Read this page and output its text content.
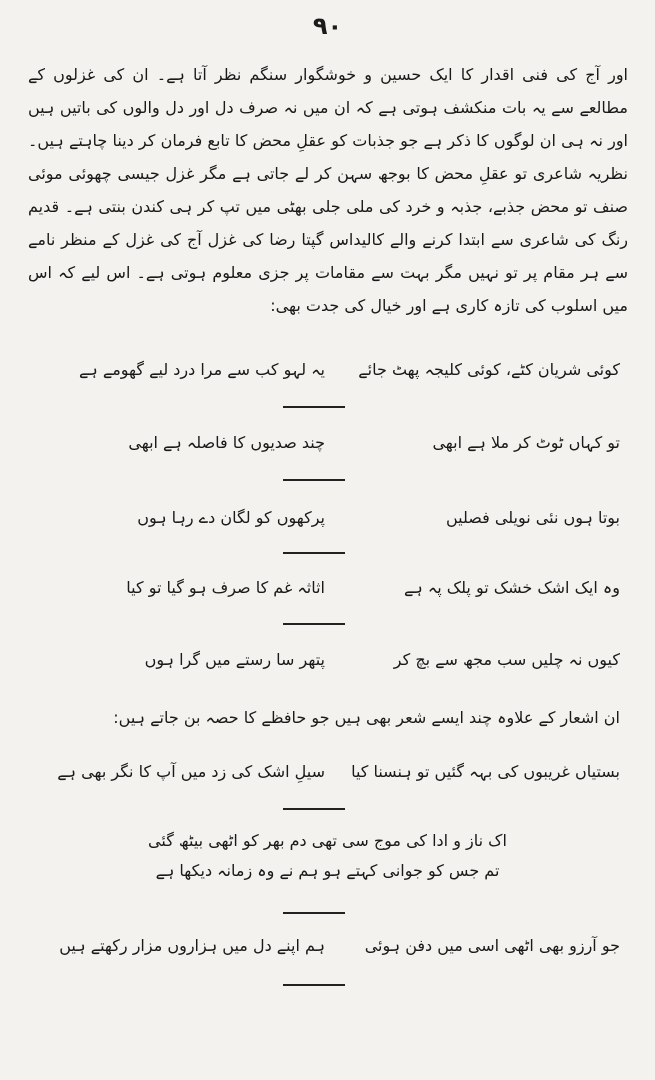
۹۰

اور آج کی فنی اقدار کا ایک حسین و خوشگوار سنگم نظر آتا ہے۔ ان کی غزلوں کے مطالعے سے یہ بات منکشف ہوتی ہے کہ ان میں نہ صرف دل اور دل والوں کی باتیں ہیں اور نہ ہی ان لوگوں کا ذکر ہے جو جذبات کو عقلِ محض کا تابع فرمان کر دینا چاہتے ہیں۔ نظریہ شاعری تو عقلِ محض کا بوجھ سہن کر لے جاتی ہے مگر غزل جیسی چھوئی موئی صنف تو محض جذبے، جذبہ و خرد کی ملی جلی بھٹی میں تپ کر ہی کندن بنتی ہے۔ قدیم رنگ کی شاعری سے ابتدا کرنے والے کالیداس گپتا رضا کی غزل آج کی غزل کے منظر نامے سے ہر مقام پر تو نہیں مگر بہت سے مقامات پر جزی معلوم ہوتی ہے۔ اس لیے کہ اس میں اسلوب کی تازہ کاری ہے اور خیال کی جدت بھی:

کوئی شریان کٹے، کوئی کلیجہ پھٹ جائے
یہ لہو کب سے مرا درد لیے گھومے ہے
تو کہاں ٹوٹ کر ملا ہے ابھی
چند صدیوں کا فاصلہ ہے ابھی
بوتا ہوں نئی نویلی فصلیں
پرکھوں کو لگان دے رہا ہوں
وہ ایک اشک خشک تو پلک پہ ہے
اثاثہ غم کا صرف ہو گیا تو کیا
کیوں نہ چلیں سب مجھ سے بچ کر
پتھر سا رستے میں گرا ہوں
ان اشعار کے علاوہ چند ایسے شعر بھی ہیں جو حافظے کا حصہ بن جاتے ہیں:
بستیاں غریبوں کی بہہ گئیں تو ہنسنا کیا
سیلِ اشک کی زد میں آپ کا نگر بھی ہے
اک ناز و ادا کی موج سی تھی دم بھر کو اٹھی بیٹھ گئی
تم جس کو جوانی کہتے ہو ہم نے وہ زمانہ دیکھا ہے
جو آرزو بھی اٹھی اسی میں دفن ہوئی
ہم اپنے دل میں ہزاروں مزار رکھتے ہیں
